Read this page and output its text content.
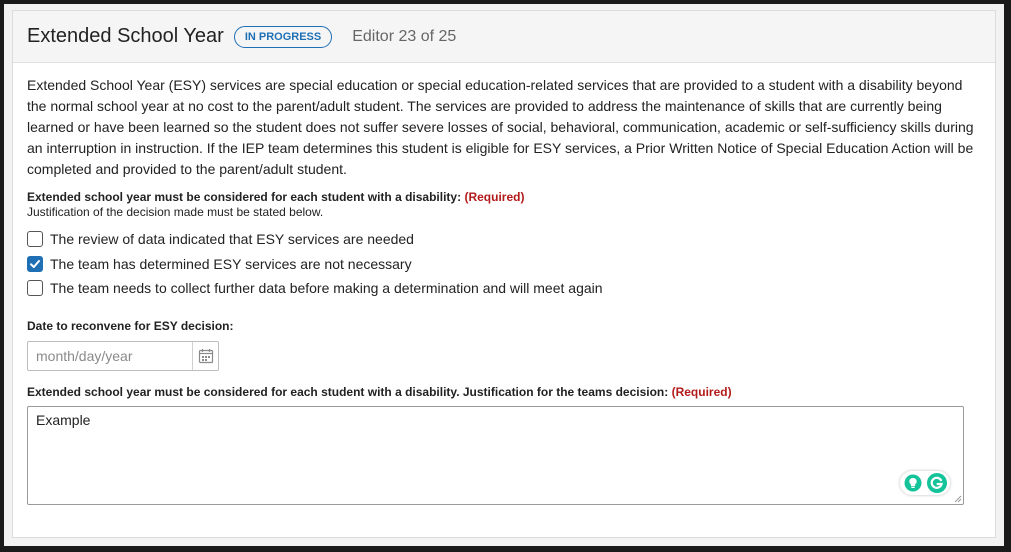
Extended School Year	IN PROGRESS	Editor 23 of 25

Extended School Year (ESY) services are special education or special education-related services that are provided to a student with a disability beyond the normal school year at no cost to the parent/adult student. The services are provided to address the maintenance of skills that are currently being learned or have been learned so the student does not suffer severe losses of social, behavioral, communication, academic or self-sufficiency skills during an interruption in instruction. If the IEP team determines this student is eligible for ESY services, a Prior Written Notice of Special Education Action will be completed and provided to the parent/adult student.

Extended school year must be considered for each student with a disability: (Required)
Justification of the decision made must be stated below.
The review of data indicated that ESY services are needed
The team has determined ESY services are not necessary
The team needs to collect further data before making a determination and will meet again
Date to reconvene for ESY decision:
month/day/year
Extended school year must be considered for each student with a disability. Justification for the teams decision: (Required)
Example
